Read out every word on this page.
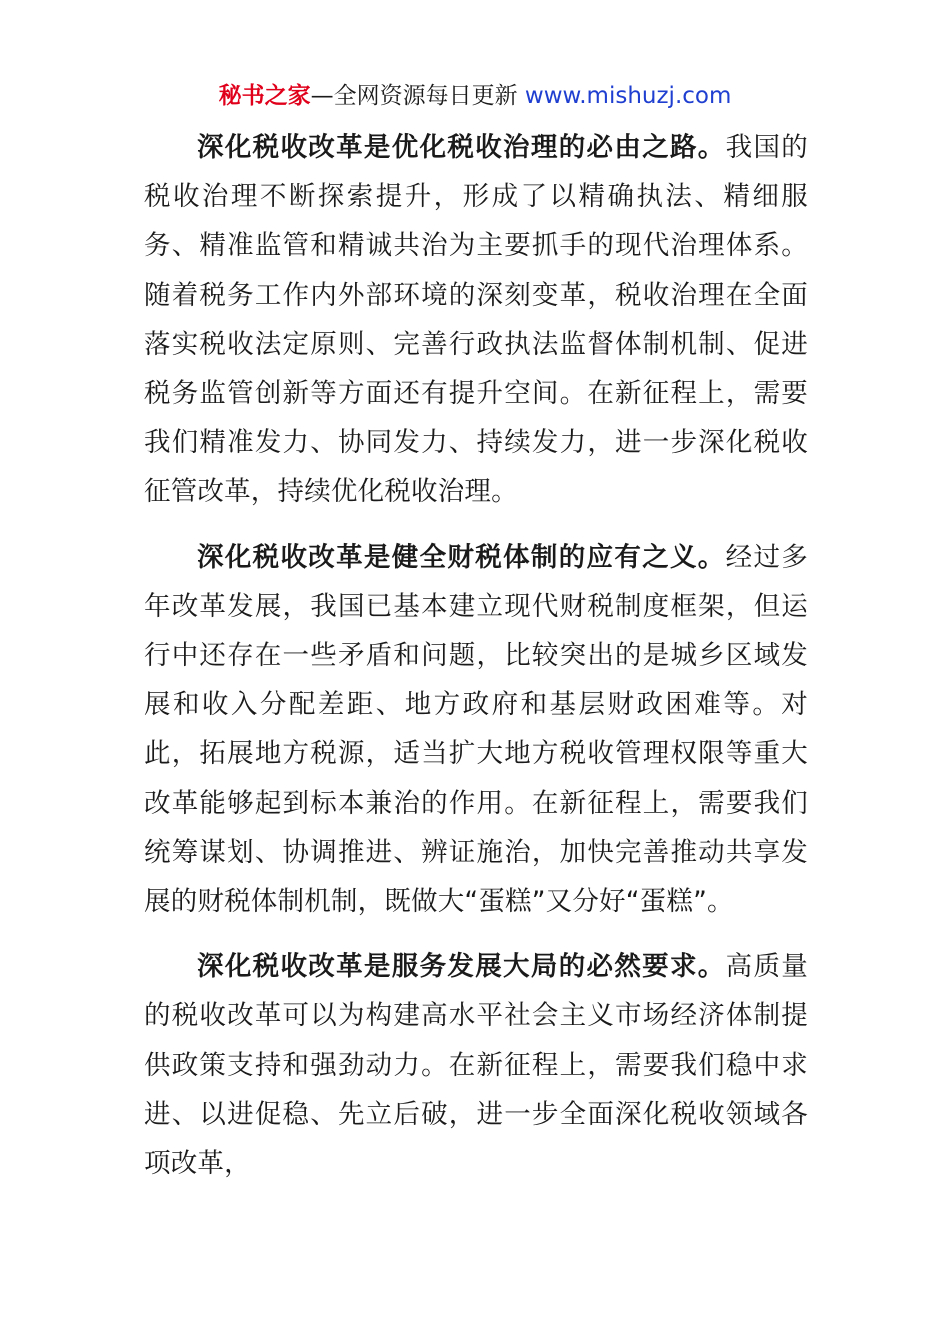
秘书之家—全网资源每日更新 www.mishuzj.com

深化税收改革是优化税收治理的必由之路。我国的税收治理不断探索提升，形成了以精确执法、精细服务、精准监管和精诚共治为主要抓手的现代治理体系。随着税务工作内外部环境的深刻变革，税收治理在全面落实税收法定原则、完善行政执法监督体制机制、促进税务监管创新等方面还有提升空间。在新征程上，需要我们精准发力、协同发力、持续发力，进一步深化税收征管改革，持续优化税收治理。

深化税收改革是健全财税体制的应有之义。经过多年改革发展，我国已基本建立现代财税制度框架，但运行中还存在一些矛盾和问题，比较突出的是城乡区域发展和收入分配差距、地方政府和基层财政困难等。对此，拓展地方税源，适当扩大地方税收管理权限等重大改革能够起到标本兼治的作用。在新征程上，需要我们统筹谋划、协调推进、辨证施治，加快完善推动共享发展的财税体制机制，既做大“蛋糕”又分好“蛋糕”。

深化税收改革是服务发展大局的必然要求。高质量的税收改革可以为构建高水平社会主义市场经济体制提供政策支持和强劲动力。在新征程上，需要我们稳中求进、以进促稳、先立后破，进一步全面深化税收领域各项改革，
